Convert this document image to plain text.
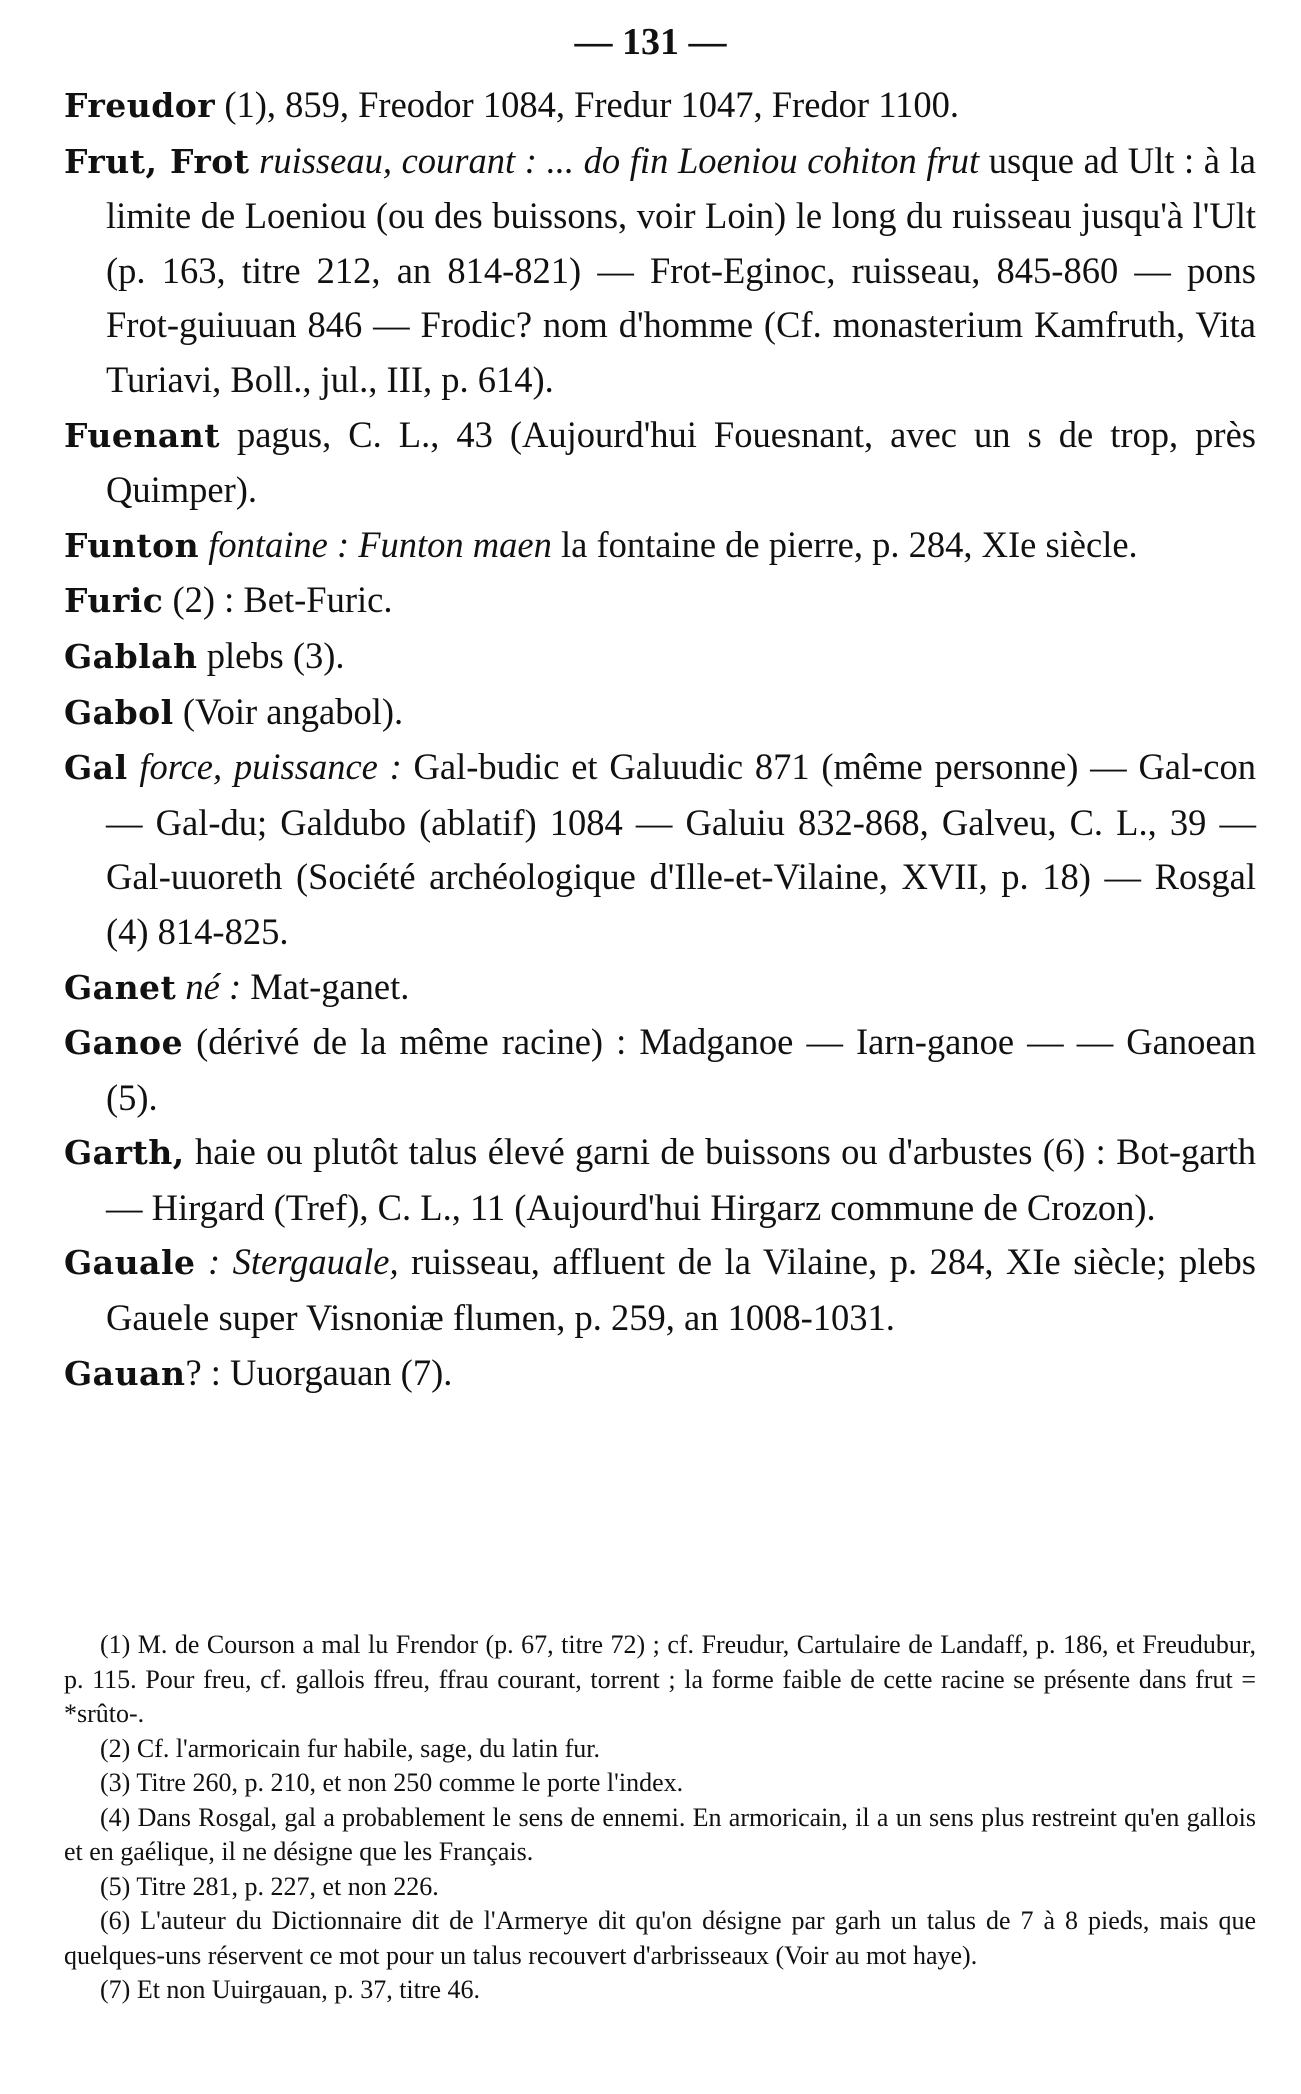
— 131 —

Freudor (1), 859, Freodor 1084, Fredur 1047, Fredor 1100.

Frut, Frot ruisseau, courant : ... do fin Loeniou cohiton frut usque ad Ult : à la limite de Loeniou (ou des buissons, voir Loin) le long du ruisseau jusqu'à l'Ult (p. 163, titre 212, an 814-821) — Frot-Eginoc, ruisseau, 845-860 — pons Frot-guiuuan 846 — Frodic? nom d'homme (Cf. monasterium Kamfruth, Vita Turiavi, Boll., jul., III, p. 614).

Fuenant pagus, C. L., 43 (Aujourd'hui Fouesnant, avec un s de trop, près Quimper).

Funton fontaine : Funton maen la fontaine de pierre, p. 284, XIe siècle.

Furic (2) : Bet-Furic.

Gablah plebs (3).

Gabol (Voir angabol).

Gal force, puissance : Gal-budic et Galuudic 871 (même personne) — Gal-con — Gal-du; Galdubo (ablatif) 1084 — Galuiu 832-868, Galveu, C. L., 39 — Gal-uuoreth (Société archéologique d'Ille-et-Vilaine, XVII, p. 18) — Rosgal (4) 814-825.

Ganet né : Mat-ganet.

Ganoe (dérivé de la même racine) : Madganoe — Iarn-ganoe — — Ganoean (5).

Garth, haie ou plutôt talus élevé garni de buissons ou d'arbustes (6) : Bot-garth — Hirgard (Tref), C. L., 11 (Aujourd'hui Hirgarz commune de Crozon).

Gauale : Stergauale, ruisseau, affluent de la Vilaine, p. 284, XIe siècle; plebs Gauele super Visnoniæ flumen, p. 259, an 1008-1031.

Gauan? : Uuorgauan (7).

(1) M. de Courson a mal lu Frendor (p. 67, titre 72) ; cf. Freudur, Cartulaire de Landaff, p. 186, et Freudubur, p. 115. Pour freu, cf. gallois ffreu, ffrau courant, torrent ; la forme faible de cette racine se présente dans frut = *srûto-.

(2) Cf. l'armoricain fur habile, sage, du latin fur.

(3) Titre 260, p. 210, et non 250 comme le porte l'index.

(4) Dans Rosgal, gal a probablement le sens de ennemi. En armoricain, il a un sens plus restreint qu'en gallois et en gaélique, il ne désigne que les Français.

(5) Titre 281, p. 227, et non 226.

(6) L'auteur du Dictionnaire dit de l'Armerye dit qu'on désigne par garh un talus de 7 à 8 pieds, mais que quelques-uns réservent ce mot pour un talus recouvert d'arbrisseaux (Voir au mot haye).

(7) Et non Uuirgauan, p. 37, titre 46.
